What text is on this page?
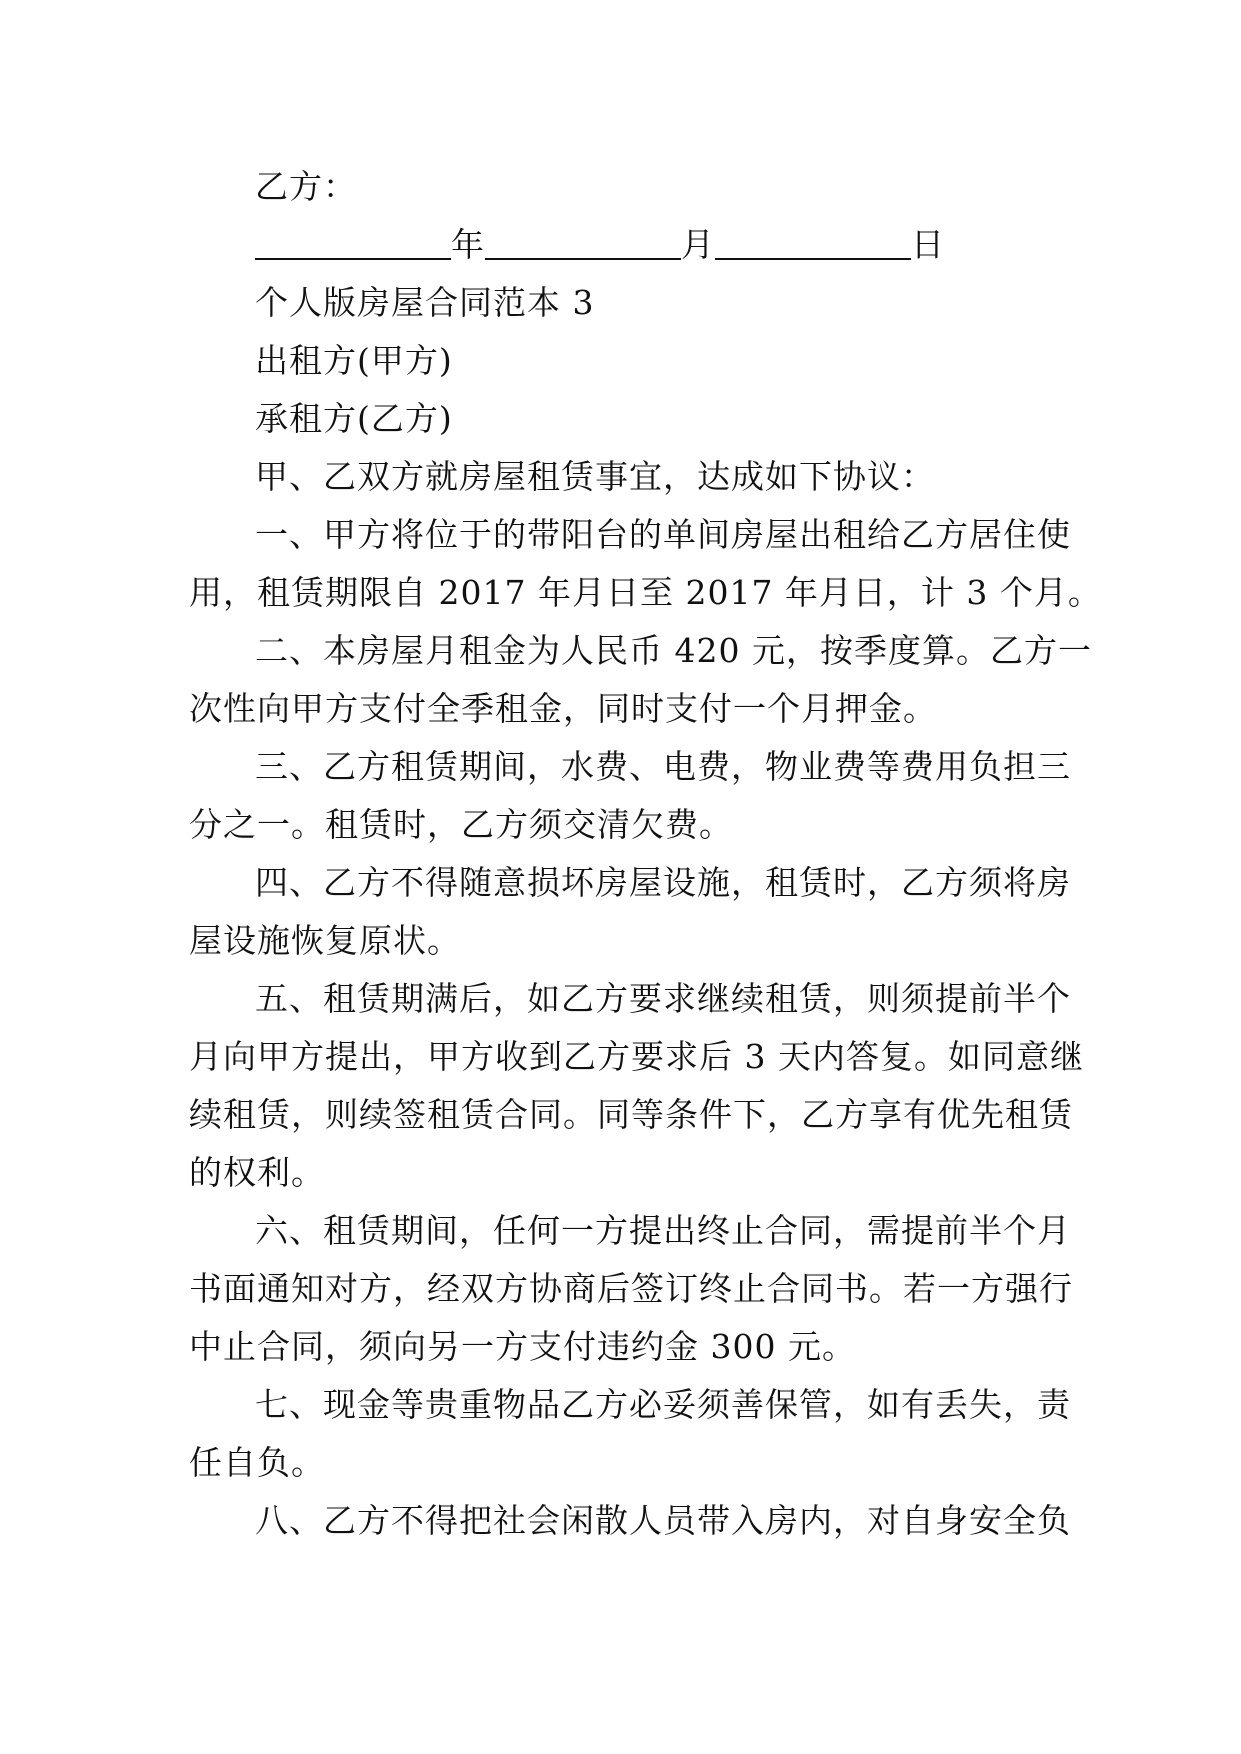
乙方：
年	月	日
个人版房屋合同范本 3
出租方(甲方)
承租方(乙方)
甲、乙双方就房屋租赁事宜，达成如下协议：
一、甲方将位于的带阳台的单间房屋出租给乙方居住使
用，租赁期限自 2017 年月日至 2017 年月日，计 3 个月。
二、本房屋月租金为人民币 420 元，按季度算。乙方一
次性向甲方支付全季租金，同时支付一个月押金。
三、乙方租赁期间，水费、电费，物业费等费用负担三
分之一。租赁时，乙方须交清欠费。
四、乙方不得随意损坏房屋设施，租赁时，乙方须将房
屋设施恢复原状。
五、租赁期满后，如乙方要求继续租赁，则须提前半个
月向甲方提出，甲方收到乙方要求后 3 天内答复。如同意继
续租赁，则续签租赁合同。同等条件下，乙方享有优先租赁
的权利。
六、租赁期间，任何一方提出终止合同，需提前半个月
书面通知对方，经双方协商后签订终止合同书。若一方强行
中止合同，须向另一方支付违约金 300 元。
七、现金等贵重物品乙方必妥须善保管，如有丢失，责
任自负。
八、乙方不得把社会闲散人员带入房内，对自身安全负
